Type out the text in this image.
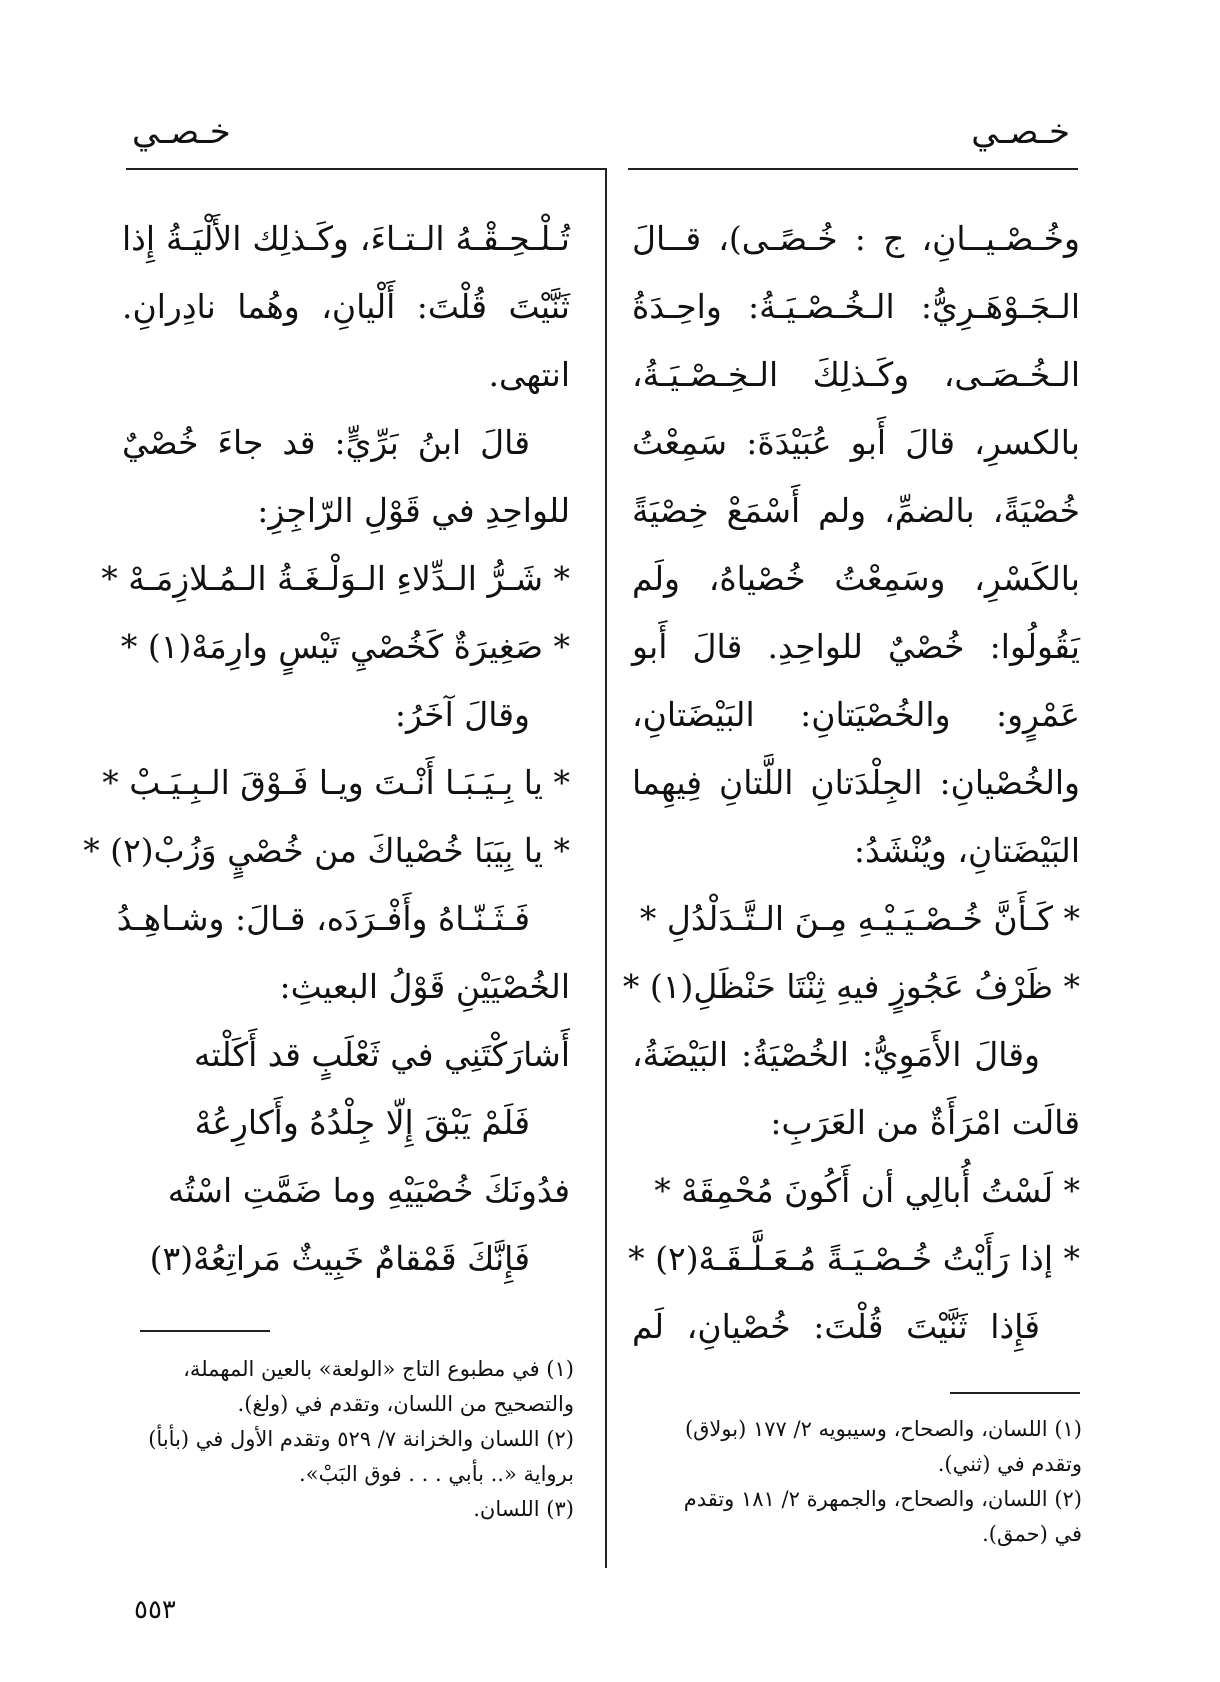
خـصـي	خـصـي
وخُـصْـيــانِ، ج : خُـصًـى)، قــالَ
الـجَـوْهَـرِيُّ: الـخُـصْـيَـةُ: واحِـدَةُ
الـخُـصَـى، وكَـذلِكَ الـخِـصْـيَـةُ،
بالكسرِ، قالَ أَبو عُبَيْدَةَ: سَمِعْتُ
خُصْيَةً، بالضمِّ، ولم أَسْمَعْ خِصْيَةً
بالكَسْرِ، وسَمِعْتُ خُصْياهُ، ولَم
يَقُولُوا: خُصْيٌ للواحِدِ. قالَ أَبو
عَمْرٍو: والخُصْيَتانِ: البَيْضَتانِ،
والخُصْيانِ: الجِلْدَتانِ اللَّتانِ فِيهِما
البَيْضَتانِ، ويُنْشَدُ:
* كَـأَنَّ خُـصْـيَـيْـهِ مِـنَ الـتَّـدَلْدُلِ *
* ظَرْفُ عَجُوزٍ فيهِ ثِنْتَا حَنْظَلِ(١) *
وقالَ الأَمَوِيُّ: الخُصْيَةُ: البَيْضَةُ،
قالَت امْرَأَةٌ من العَرَبِ:
* لَسْتُ أُبالِي أن أَكُونَ مُحْمِقَهْ *
* إذا رَأَيْتُ خُـصْـيَـةً مُـعَـلَّـقَـهْ(٢) *
فَإِذا ثَنَّيْتَ قُلْتَ: خُصْيانِ، لَم
تُـلْـحِـقْـهُ الـتـاءَ، وكَـذلِك الأَلْيَـةُ إِذا
ثَنَّيْتَ قُلْتَ: أَلْيانِ، وهُما نادِرانِ.
انتهى.
قالَ ابنُ بَرِّيٍّ: قد جاءَ خُصْيٌ
للواحِدِ في قَوْلِ الرّاجِزِ:
* شَـرُّ الـدِّلاءِ الـوَلْـغَـةُ الـمُـلازِمَـهْ *
* صَغِيرَةٌ كَخُصْيِ تَيْسٍ وارِمَهْ(١) *
وقالَ آخَرُ:
* يا بِـيَـبَـا أَنْـتَ ويـا فَـوْقَ الـبِـيَـبْ *
* يا بِيَبَا خُصْياكَ من خُصْيٍ وَزُبْ(٢) *
فَـثَـنّـاهُ وأَفْـرَدَه، قـالَ: وشـاهِـدُ
الخُصْيَيْنِ قَوْلُ البعيثِ:
أَشارَكْتَنِي في ثَعْلَبٍ قد أَكَلْته
فَلَمْ يَبْقَ إِلّا جِلْدُهُ وأَكارِعُهْ
فدُونَكَ خُصْيَيْهِ وما ضَمَّتِ اسْتُه
فَإِنَّكَ قَمْقامٌ خَبِيثٌ مَراتِعُهْ(٣)
(١) في مطبوع التاج «الولعة» بالعين المهملة،
والتصحيح من اللسان، وتقدم في (ولغ).
(٢) اللسان والخزانة ٧/ ٥٢٩ وتقدم الأول في (بأبأ)
برواية «.. بأبي . . . فوق البَبْ».
(٣) اللسان.
(١) اللسان، والصحاح، وسيبويه ٢/ ١٧٧ (بولاق)
وتقدم في (ثني).
(٢) اللسان، والصحاح، والجمهرة ٢/ ١٨١ وتقدم
في (حمق).
٥٥٣
